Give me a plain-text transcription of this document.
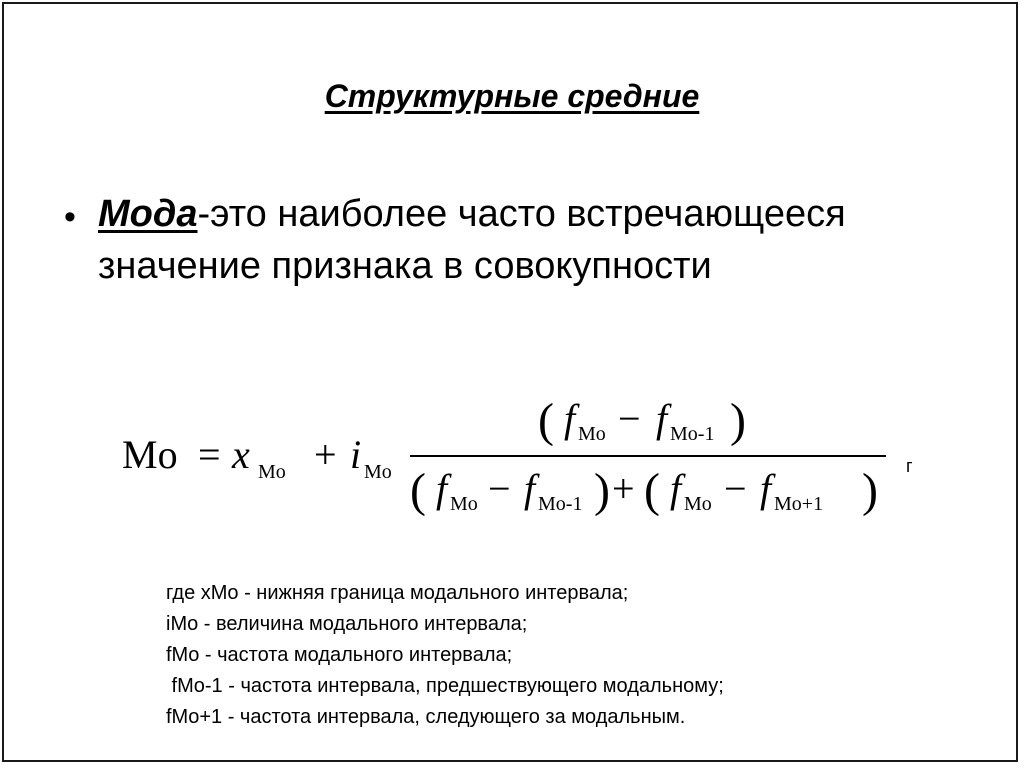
Структурные средние
• Мода-это наиболее часто встречающееся значение признака в совокупности
Mo = x Mo + i Mo
( f Mo − f Mo-1 )
( f Mo − f Mo-1 ) + ( f Mo − f Mo+1 ) г
где xMo - нижняя граница модального интервала;
iMo - величина модального интервала;
fMo - частота модального интервала;
fMo-1 - частота интервала, предшествующего модальному;
fMo+1 - частота интервала, следующего за модальным.
